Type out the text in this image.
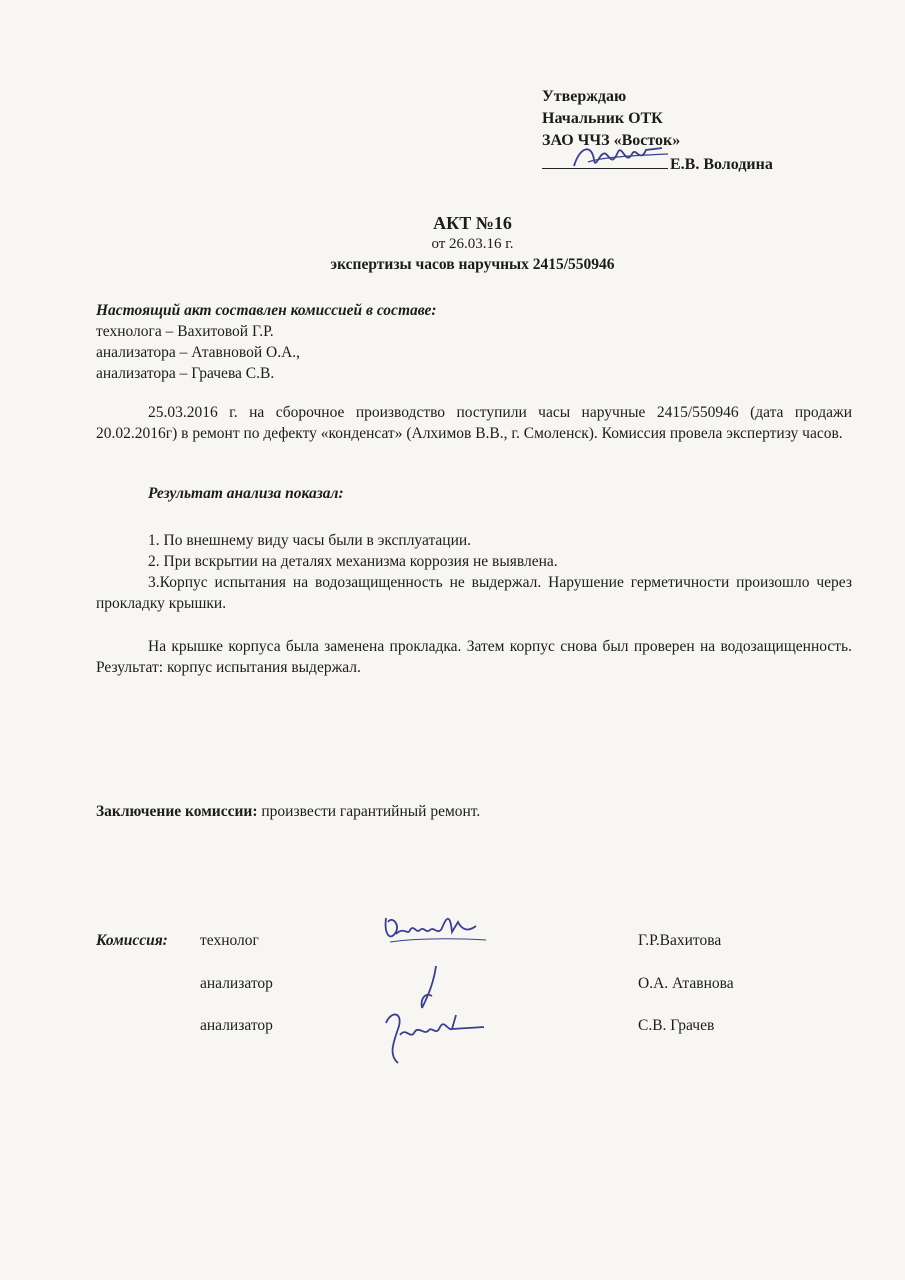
Утверждаю
Начальник ОТК
ЗАО ЧЧЗ «Восток»
Е.В. Володина
АКТ №16
от 26.03.16 г.
экспертизы часов наручных 2415/550946

Настоящий акт составлен комиссией в составе:

технолога – Вахитовой Г.Р.

анализатора – Атавновой О.А.,

анализатора – Грачева С.В.

25.03.2016 г. на сборочное производство поступили часы наручные 2415/550946 (дата продажи 20.02.2016г) в ремонт по дефекту «конденсат» (Алхимов В.В., г. Смоленск). Комиссия провела экспертизу часов.

Результат анализа показал:

1. По внешнему виду часы были в эксплуатации.

2. При вскрытии на деталях механизма коррозия не выявлена.

3.Корпус испытания на водозащищенность не выдержал. Нарушение герметичности произошло через прокладку крышки.

На крышке корпуса была заменена прокладка. Затем корпус снова был проверен на водозащищенность. Результат: корпус испытания выдержал.

Заключение комиссии: произвести гарантийный ремонт.
Комиссия: технолог	Г.Р.Вахитова
анализатор	О.А. Атавнова
анализатор	С.В. Грачев
